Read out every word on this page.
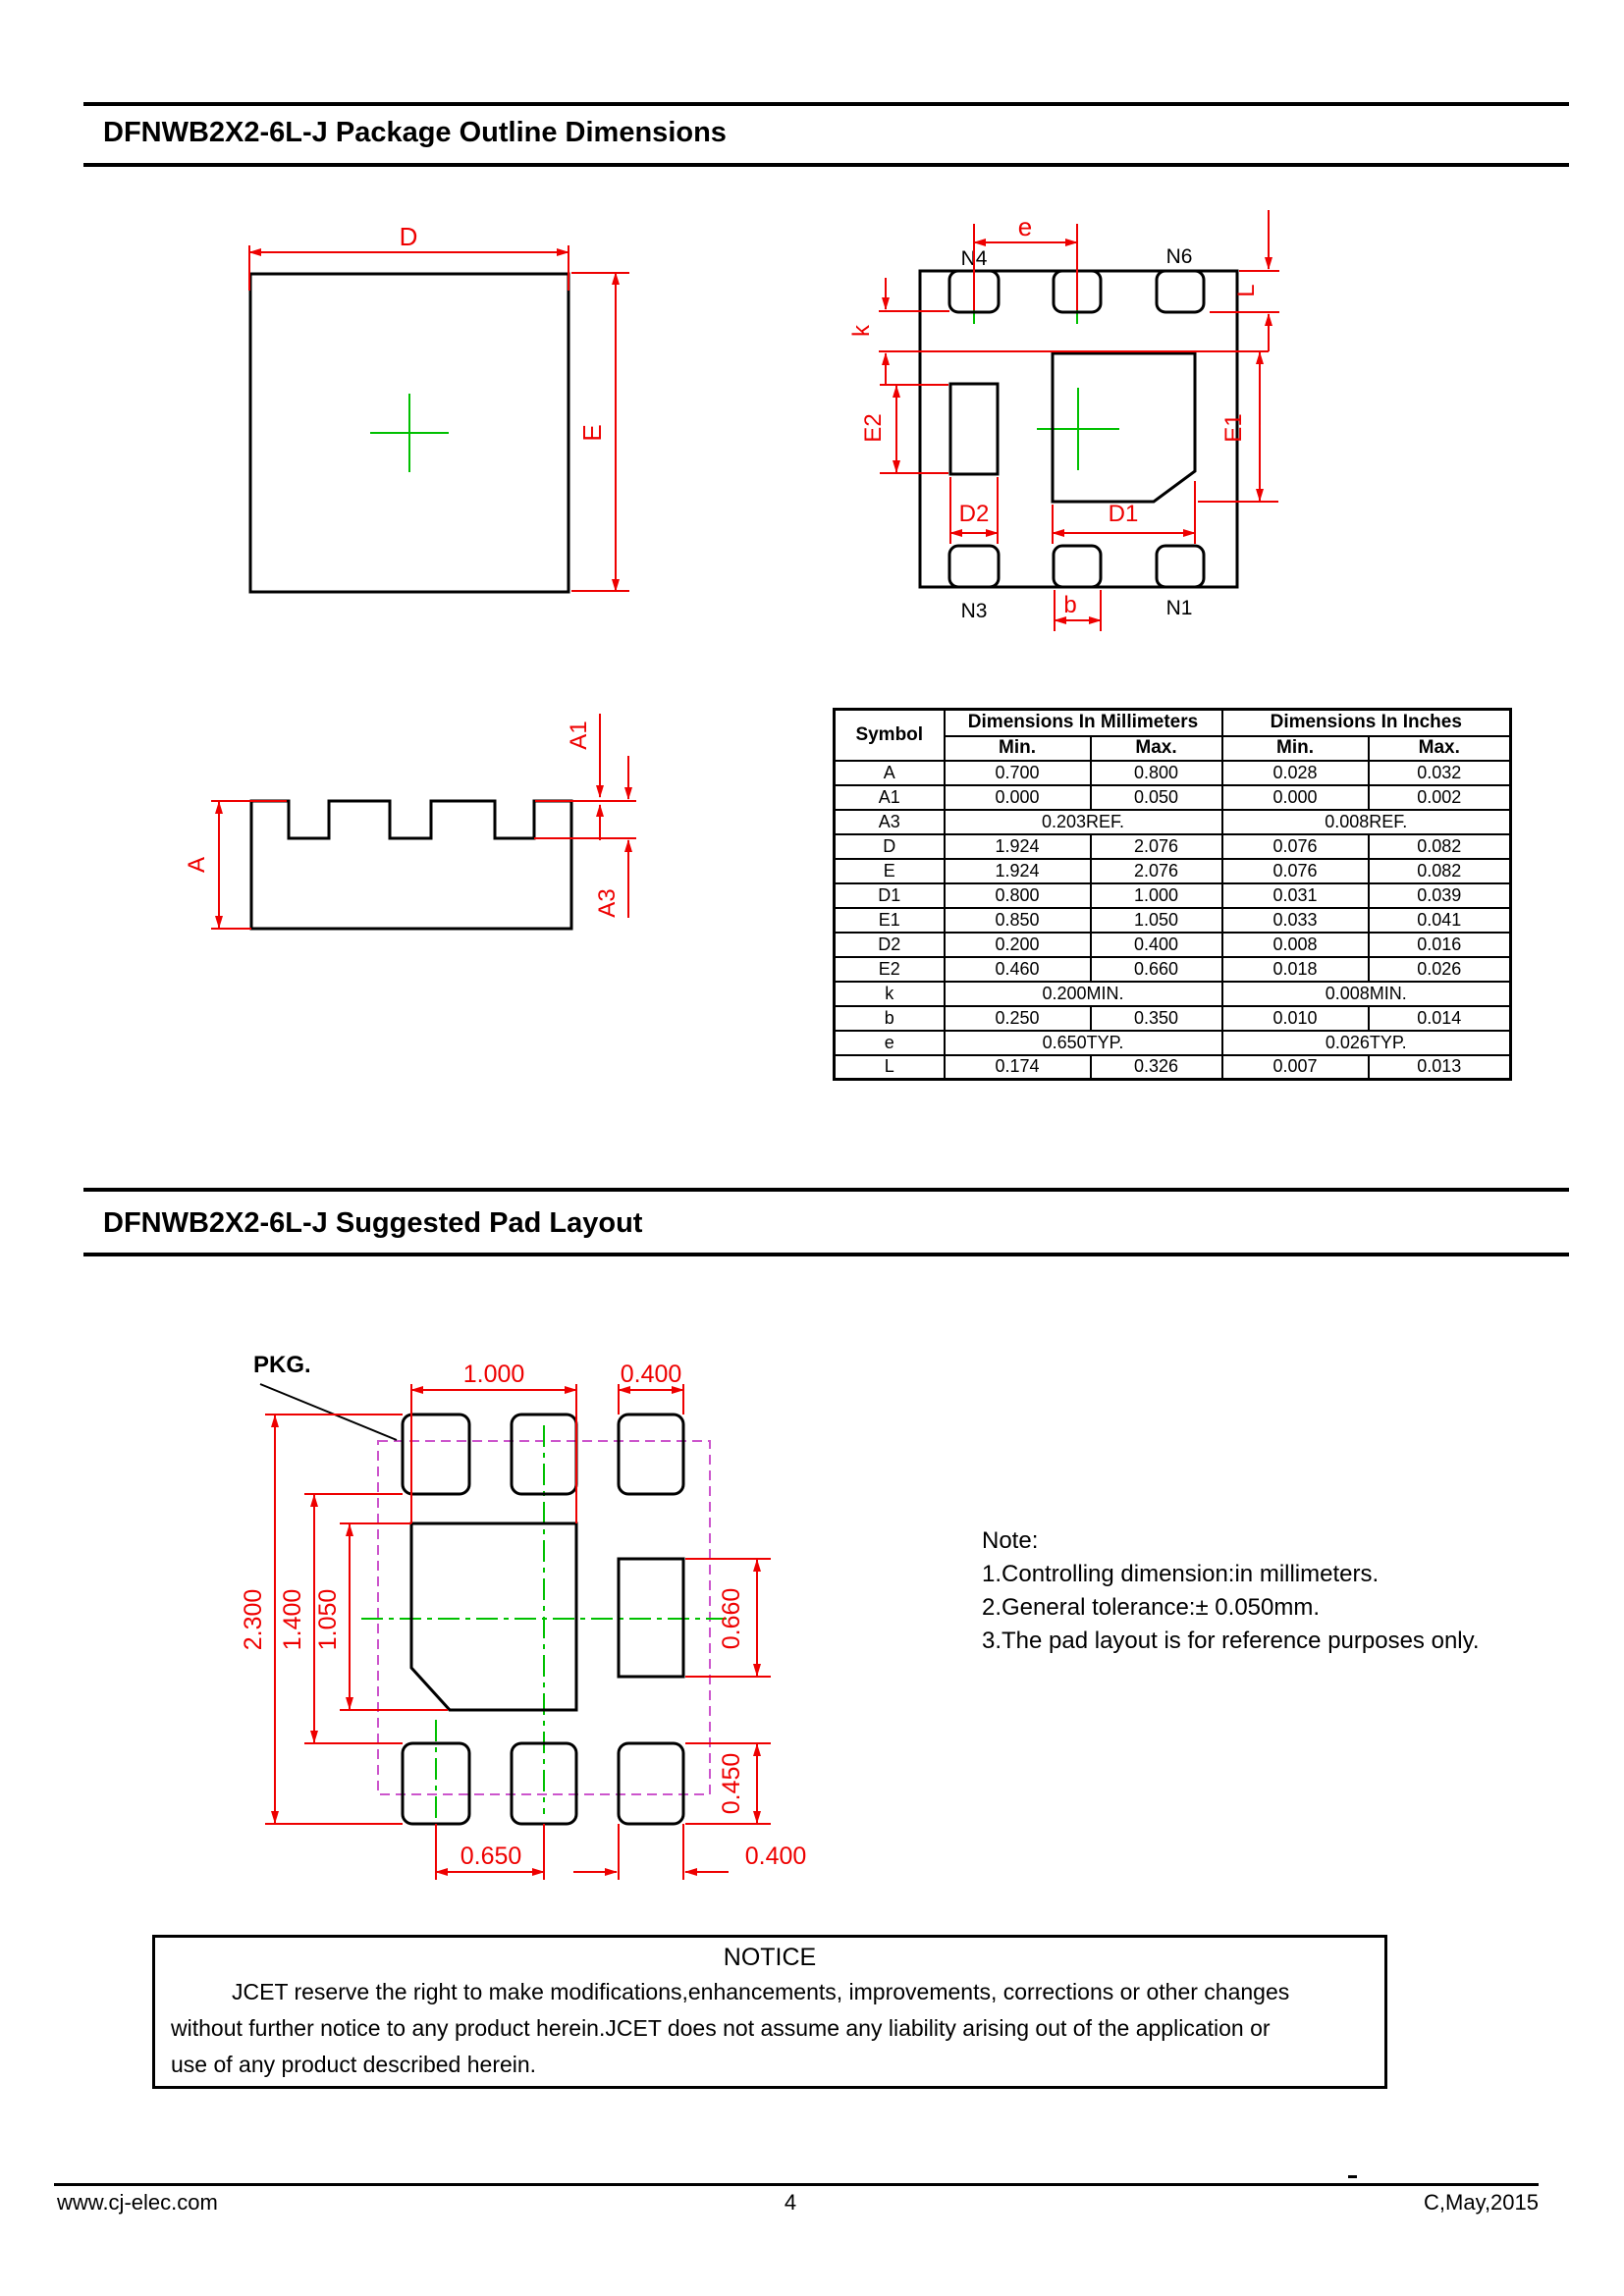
DFNWB2X2-6L-J Package Outline Dimensions
D
E
N4	N6
N3	N1
e
k
L
E1
E2
D2	D1
b
A
A1
A3
Symbol	Dimensions In Millimeters		Dimensions In Inches	
	Min.	Max.	Min.	Max.
A	0.700	0.800	0.028	0.032
A1	0.000	0.050	0.000	0.002
A3	0.203REF.		0.008REF.	
D	1.924	2.076	0.076	0.082
E	1.924	2.076	0.076	0.082
D1	0.800	1.000	0.031	0.039
E1	0.850	1.050	0.033	0.041
D2	0.200	0.400	0.008	0.016
E2	0.460	0.660	0.018	0.026
k	0.200MIN.		0.008MIN.	
b	0.250	0.350	0.010	0.014
e	0.650TYP.		0.026TYP.	
L	0.174	0.326	0.007	0.013
DFNWB2X2-6L-J Suggested Pad Layout
PKG.	1.000	0.400
2.300 1.400 1.050	0.660
0.450
0.650	0.400
Note:
1.Controlling dimension:in millimeters.
2.General tolerance:± 0.050mm.
3.The pad layout is for reference purposes only.
NOTICE
JCET reserve the right to make modifications,enhancements, improvements, corrections or other changes
without further notice to any product herein.JCET does not assume any liability arising out of the application or
use of any product described herein.
www.cj-elec.com	4	C,May,2015
